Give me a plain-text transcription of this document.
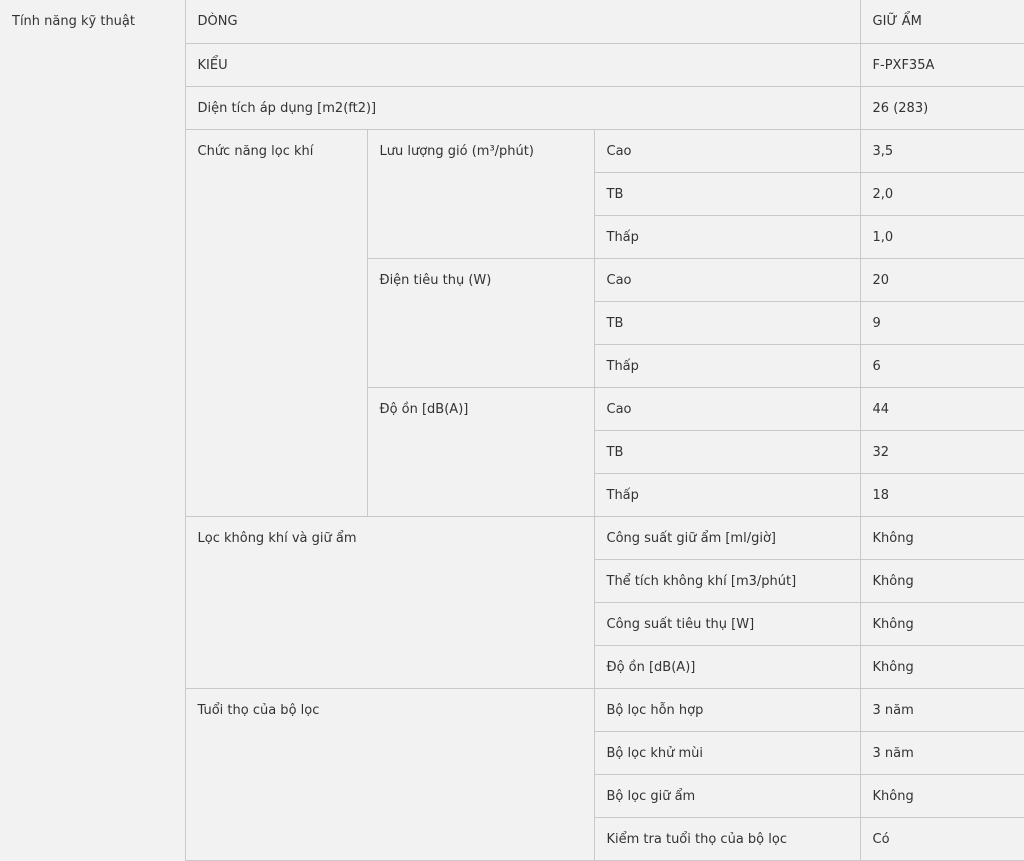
Tính năng kỹ thuật	DÒNG			GIỮ ẨM
	KIỂU			F-PXF35A
	Diện tích áp dụng [m2(ft2)]			26 (283)
	Chức năng lọc khí	Lưu lượng gió (m³/phút)	Cao	3,5
			TB	2,0
			Thấp	1,0
		Điện tiêu thụ (W)	Cao	20
			TB	9
			Thấp	6
		Độ ồn [dB(A)]	Cao	44
			TB	32
			Thấp	18
	Lọc không khí và giữ ẩm		Công suất giữ ẩm [ml/giờ]	Không
			Thể tích không khí [m3/phút]	Không
			Công suất tiêu thụ [W]	Không
			Độ ồn [dB(A)]	Không
	Tuổi thọ của bộ lọc		Bộ lọc hỗn hợp	3 năm
			Bộ lọc khử mùi	3 năm
			Bộ lọc giữ ẩm	Không
			Kiểm tra tuổi thọ của bộ lọc	Có
